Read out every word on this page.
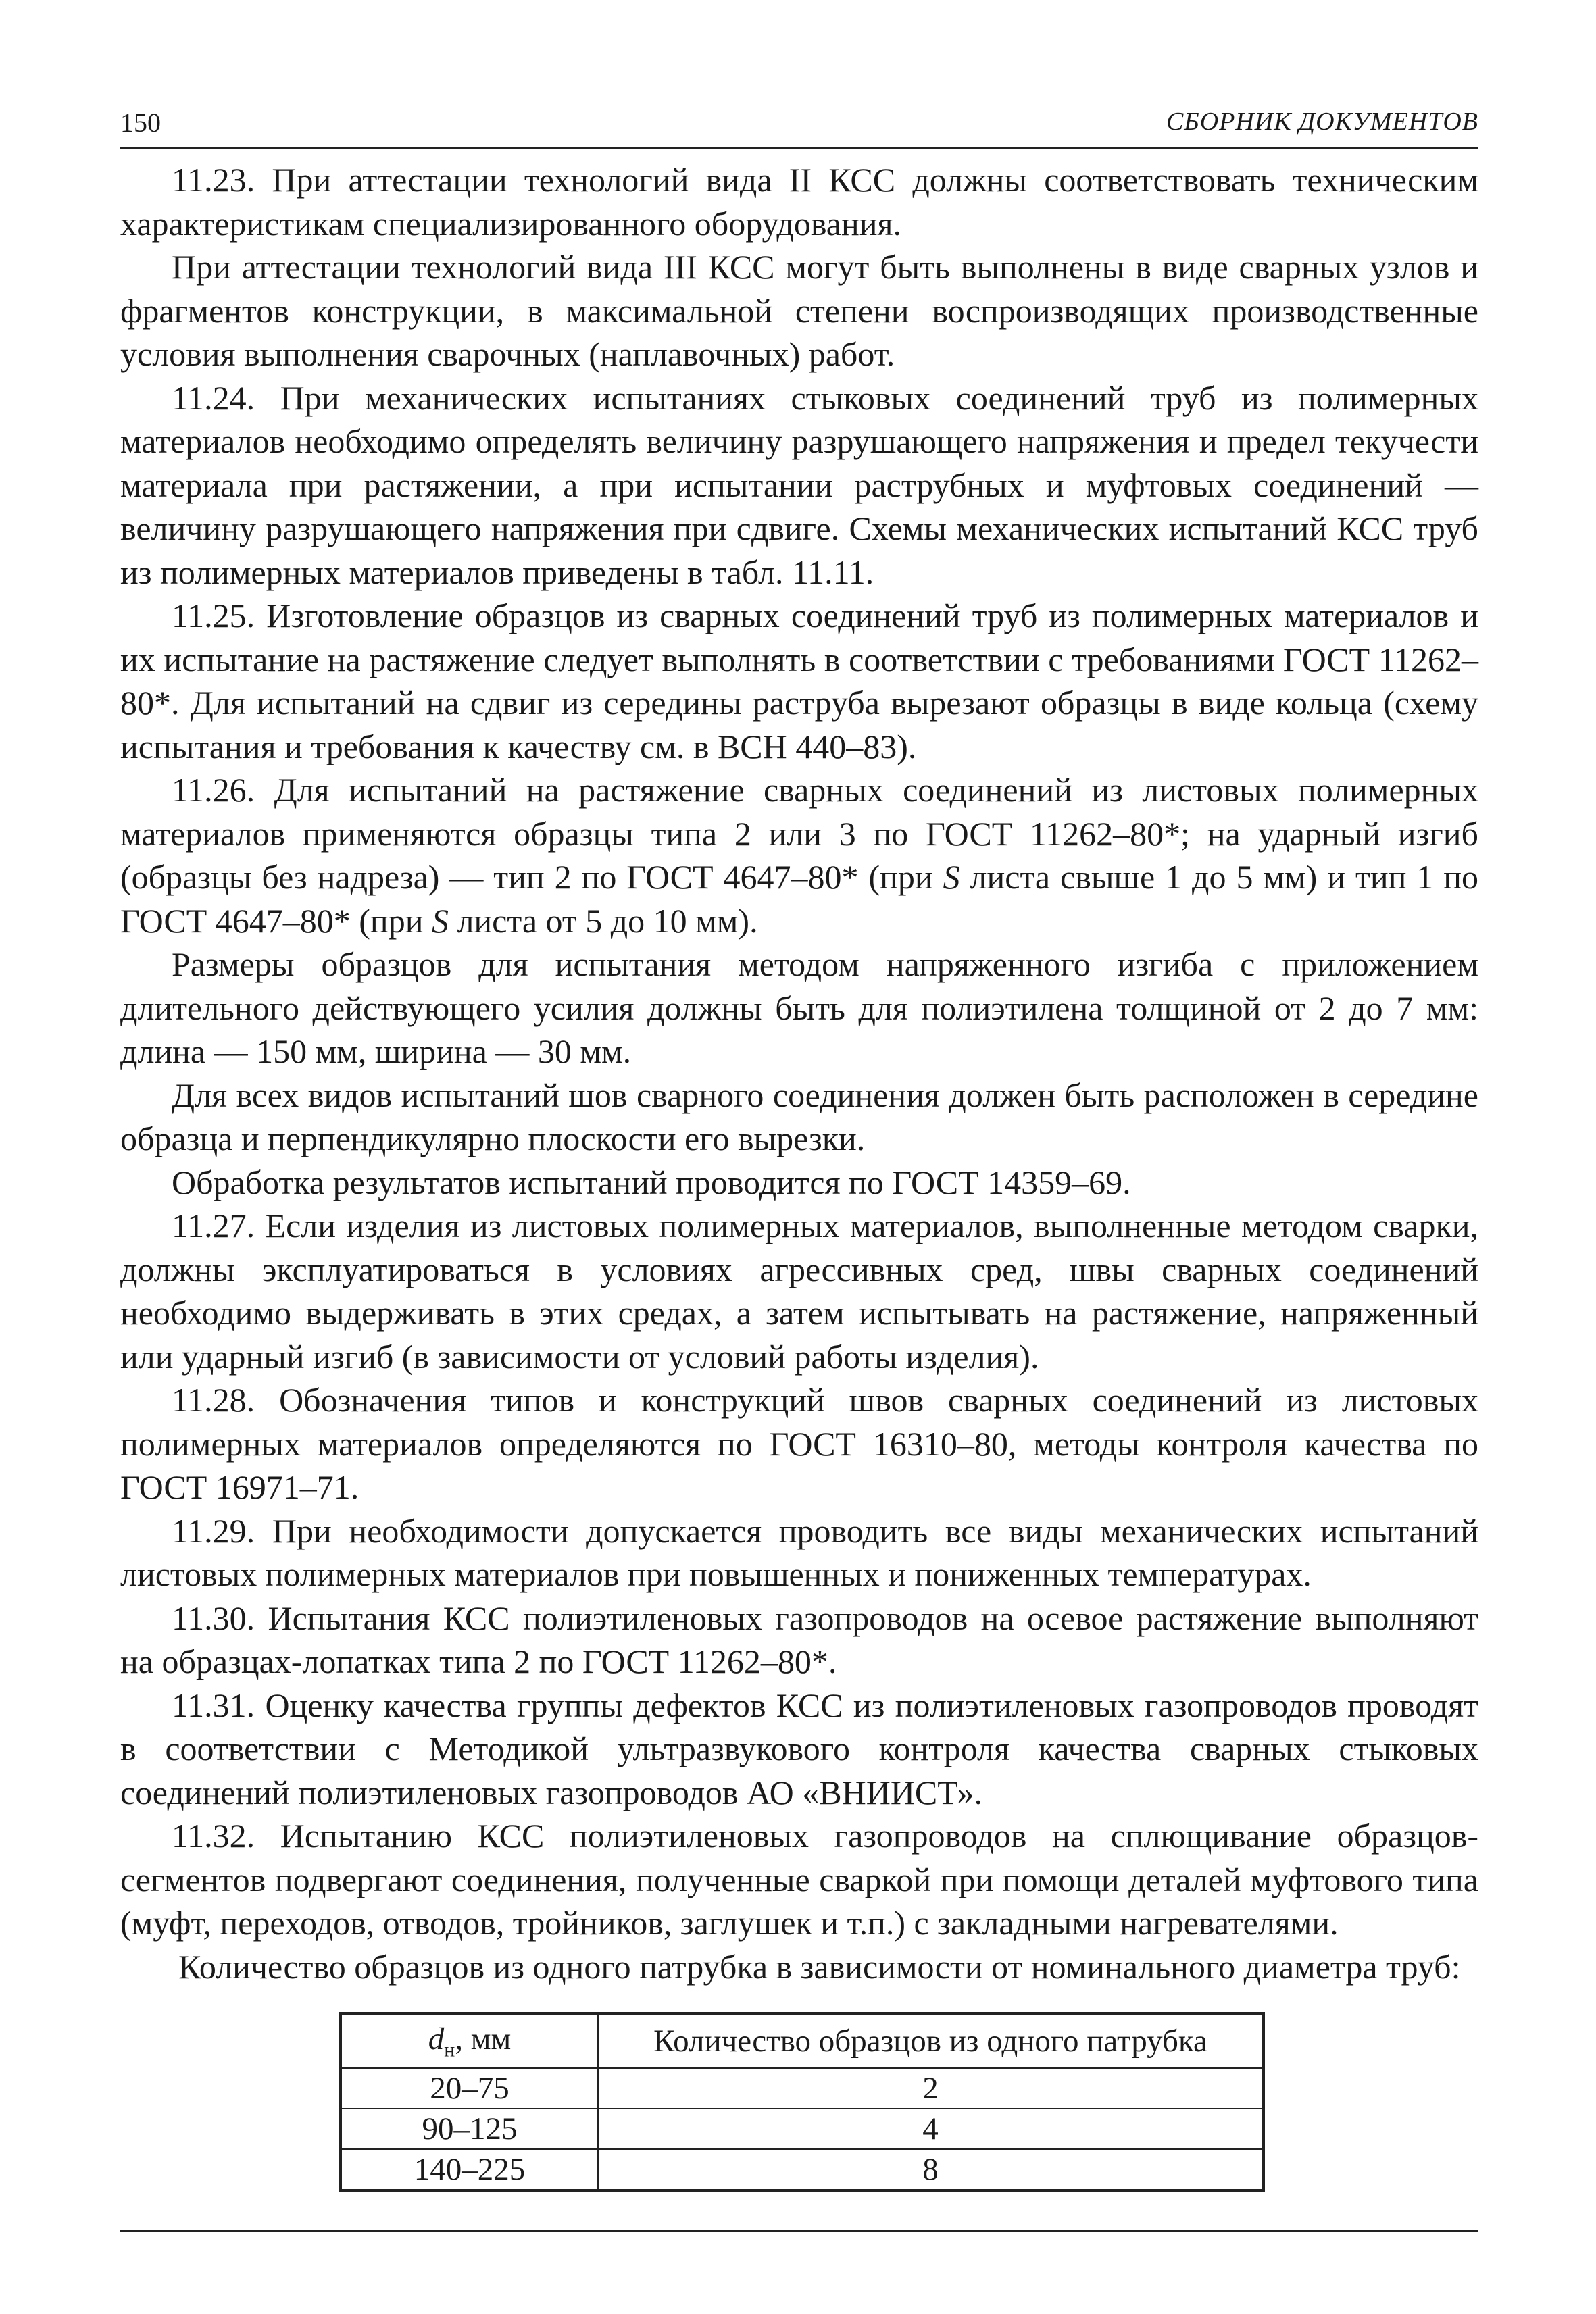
150	СБОРНИК ДОКУМЕНТОВ

11.23. При аттестации технологий вида II КСС должны соответствовать техническим характеристикам специализированного оборудования.

При аттестации технологий вида III КСС могут быть выполнены в виде сварных узлов и фрагментов конструкции, в максимальной степени воспроизводящих производственные условия выполнения сварочных (наплавочных) работ.

11.24. При механических испытаниях стыковых соединений труб из полимерных материалов необходимо определять величину разрушающего напряжения и предел текучести материала при растяжении, а при испытании раструбных и муфтовых соединений — величину разрушающего напряжения при сдвиге. Схемы механических испытаний КСС труб из полимерных материалов приведены в табл. 11.11.

11.25. Изготовление образцов из сварных соединений труб из полимерных материалов и их испытание на растяжение следует выполнять в соответствии с требованиями ГОСТ 11262–80*. Для испытаний на сдвиг из середины раструба вырезают образцы в виде кольца (схему испытания и требования к качеству см. в ВСН 440–83).

11.26. Для испытаний на растяжение сварных соединений из листовых полимерных материалов применяются образцы типа 2 или 3 по ГОСТ 11262–80*; на ударный изгиб (образцы без надреза) — тип 2 по ГОСТ 4647–80* (при S листа свыше 1 до 5 мм) и тип 1 по ГОСТ 4647–80* (при S листа от 5 до 10 мм).

Размеры образцов для испытания методом напряженного изгиба с приложением длительного действующего усилия должны быть для полиэтилена толщиной от 2 до 7 мм: длина — 150 мм, ширина — 30 мм.

Для всех видов испытаний шов сварного соединения должен быть расположен в середине образца и перпендикулярно плоскости его вырезки.

Обработка результатов испытаний проводится по ГОСТ 14359–69.

11.27. Если изделия из листовых полимерных материалов, выполненные методом сварки, должны эксплуатироваться в условиях агрессивных сред, швы сварных соединений необходимо выдерживать в этих средах, а затем испытывать на растяжение, напряженный или ударный изгиб (в зависимости от условий работы изделия).

11.28. Обозначения типов и конструкций швов сварных соединений из листовых полимерных материалов определяются по ГОСТ 16310–80, методы контроля качества по ГОСТ 16971–71.

11.29. При необходимости допускается проводить все виды механических испытаний листовых полимерных материалов при повышенных и пониженных температурах.

11.30. Испытания КСС полиэтиленовых газопроводов на осевое растяжение выполняют на образцах-лопатках типа 2 по ГОСТ 11262–80*.

11.31. Оценку качества группы дефектов КСС из полиэтиленовых газопроводов проводят в соответствии с Методикой ультразвукового контроля качества сварных стыковых соединений полиэтиленовых газопроводов АО «ВНИИСТ».

11.32. Испытанию КСС полиэтиленовых газопроводов на сплющивание образцов-сегментов подвергают соединения, полученные сваркой при помощи деталей муфтового типа (муфт, переходов, отводов, тройников, заглушек и т.п.) с закладными нагревателями.

Количество образцов из одного патрубка в зависимости от номинального диаметра труб:

$d_н$, мм	Количество образцов из одного патрубка
20–75	2
90–125	4
140–225	8
